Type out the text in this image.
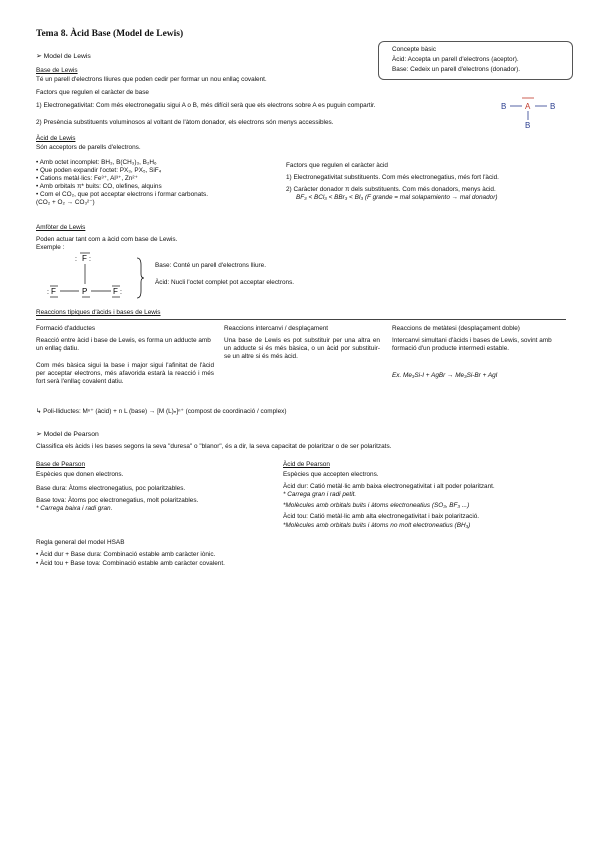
Tema 8. Àcid Base (Model de Lewis)
Concepte bàsic
Àcid: Accepta un parell d'electrons (aceptor).
Base: Cedeix un parell d'electrons (donador).
➢ Model de Lewis
Base de Lewis
Té un parell d'electrons lliures que poden cedir per formar un nou enllaç covalent.
Factors que regulen el caràcter de base
1) Electronegativitat: Com més electronegatiu sigui A o B, més difícil serà que els electrons sobre A es puguin compartir.
2) Presència substituents voluminosos al voltant de l'àtom donador, els electrons són menys accessibles.
B A B
B
Àcid de Lewis
Són acceptors de parells d'electrons.
• Amb octet incomplet: BH₃, B(CH₃)₃, B₂H₆
• Que poden expandir l'octet: PX₃, PX₅, SiF₄
• Cations metàl·lics: Fe³⁺, Al³⁺, Zn²⁺
• Amb orbitals π* buits: CO, olefines, alquins
• Com el CO₂, que pot acceptar electrons i formar carbonats.
(CO₂ + O₂ → CO₃²⁻)
Factors que regulen el caràcter àcid
1) Electronegativitat substituents. Com més electronegatius, més fort l'àcid.
2) Caràcter donador π dels substituents. Com més donadors, menys àcid.
BF₃ < BCl₃ < BBr₃ < BI₃ (F grande = mal solapamiento → mal donador)
Amfòter de Lewis
Poden actuar tant com a àcid com base de Lewis.
Exemple :
F
: :
P
F
:	F :
Base: Conté un parell d'electrons lliure.
Àcid: Nucli l'octet complet pot acceptar electrons.
Reaccions típiques d'àcids i bases de Lewis
Formació d'adductes
Reacció entre àcid i base de Lewis, es forma un adducte amb un enllaç datiu.
Com més bàsica sigui la base i major sigui l'afinitat de l'àcid per acceptar electrons, més afavorida estarà la reacció i més fort serà l'enllaç covalent datiu.
Reaccions intercanvi / desplaçament
Una base de Lewis es pot substituir per una altra en un adducte si és més bàsica, o un àcid por substituir-se un altre si és més àcid.
Reaccions de metàtesi (desplaçament doble)
Intercanvi simultani d'àcids i bases de Lewis, sovint amb formació d'un producte intermedi estable.
Ex. Me₃Si-I + AgBr → Me₃Si-Br + AgI
↳ Poli-lliductes: Mⁿ⁺ (àcid) + n L (base) → [M (L)ₙ]ⁿ⁺ (compost de coordinació / complex)
➢ Model de Pearson
Classifica els àcids i les bases segons la seva "duresa" o "blanor", és a dir, la seva capacitat de polaritzar o de ser polaritzats.
Base de Pearson
Espècies que donen electrons.
Base dura: Àtoms electronegatius, poc polaritzables.
Base tova: Àtoms poc electronegatius, molt polaritzables.
* Carrega baixa i radi gran.
Àcid de Pearson
Espècies que accepten electrons.
Àcid dur: Catió metàl·lic amb baixa electronegativitat i alt poder polaritzant.
* Carrega gran i radi petit.
*Molècules amb orbitals buits i àtoms electroneatius (SO₃, BF₃ ...)
Àcid tou: Catió metàl·lic amb alta electronegativitat i baix polarització.
*Molècules amb orbitals buits i àtoms no molt electroneatius (BH₃)
Regla general del model HSAB
• Àcid dur + Base dura: Combinació estable amb caràcter iònic.
• Àcid tou + Base tova: Combinació estable amb caràcter covalent.
